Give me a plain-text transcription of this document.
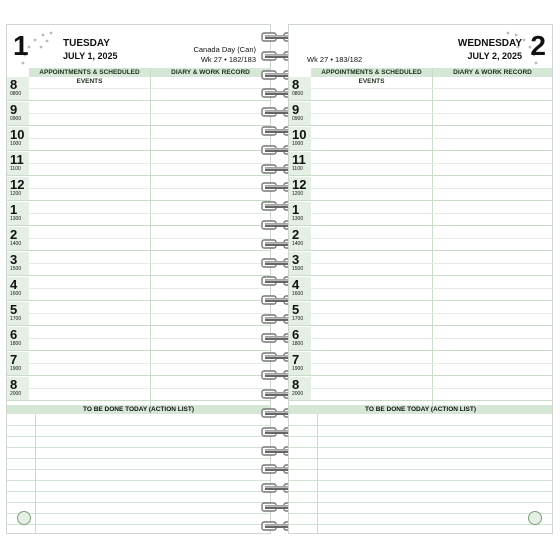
1	TUESDAY
JULY 1, 2025
Canada Day (Can)
Wk 27 • 182/183
APPOINTMENTS & SCHEDULED EVENTS
DIARY & WORK RECORD
8
0800
9
0900
10
1000
11
1100
12
1200
1
1300
2
1400
3
1500
4
1600
5
1700
6
1800
7
1900
8
2000
TO BE DONE TODAY (ACTION LIST)
2
WEDNESDAY
JULY 2, 2025
Wk 27 • 183/182
APPOINTMENTS & SCHEDULED EVENTS
DIARY & WORK RECORD
8
0800
9
0900
10
1000
11
1100
12
1200
1
1300
2
1400
3
1500
4
1600
5
1700
6
1800
7
1900
8
2000
TO BE DONE TODAY (ACTION LIST)
